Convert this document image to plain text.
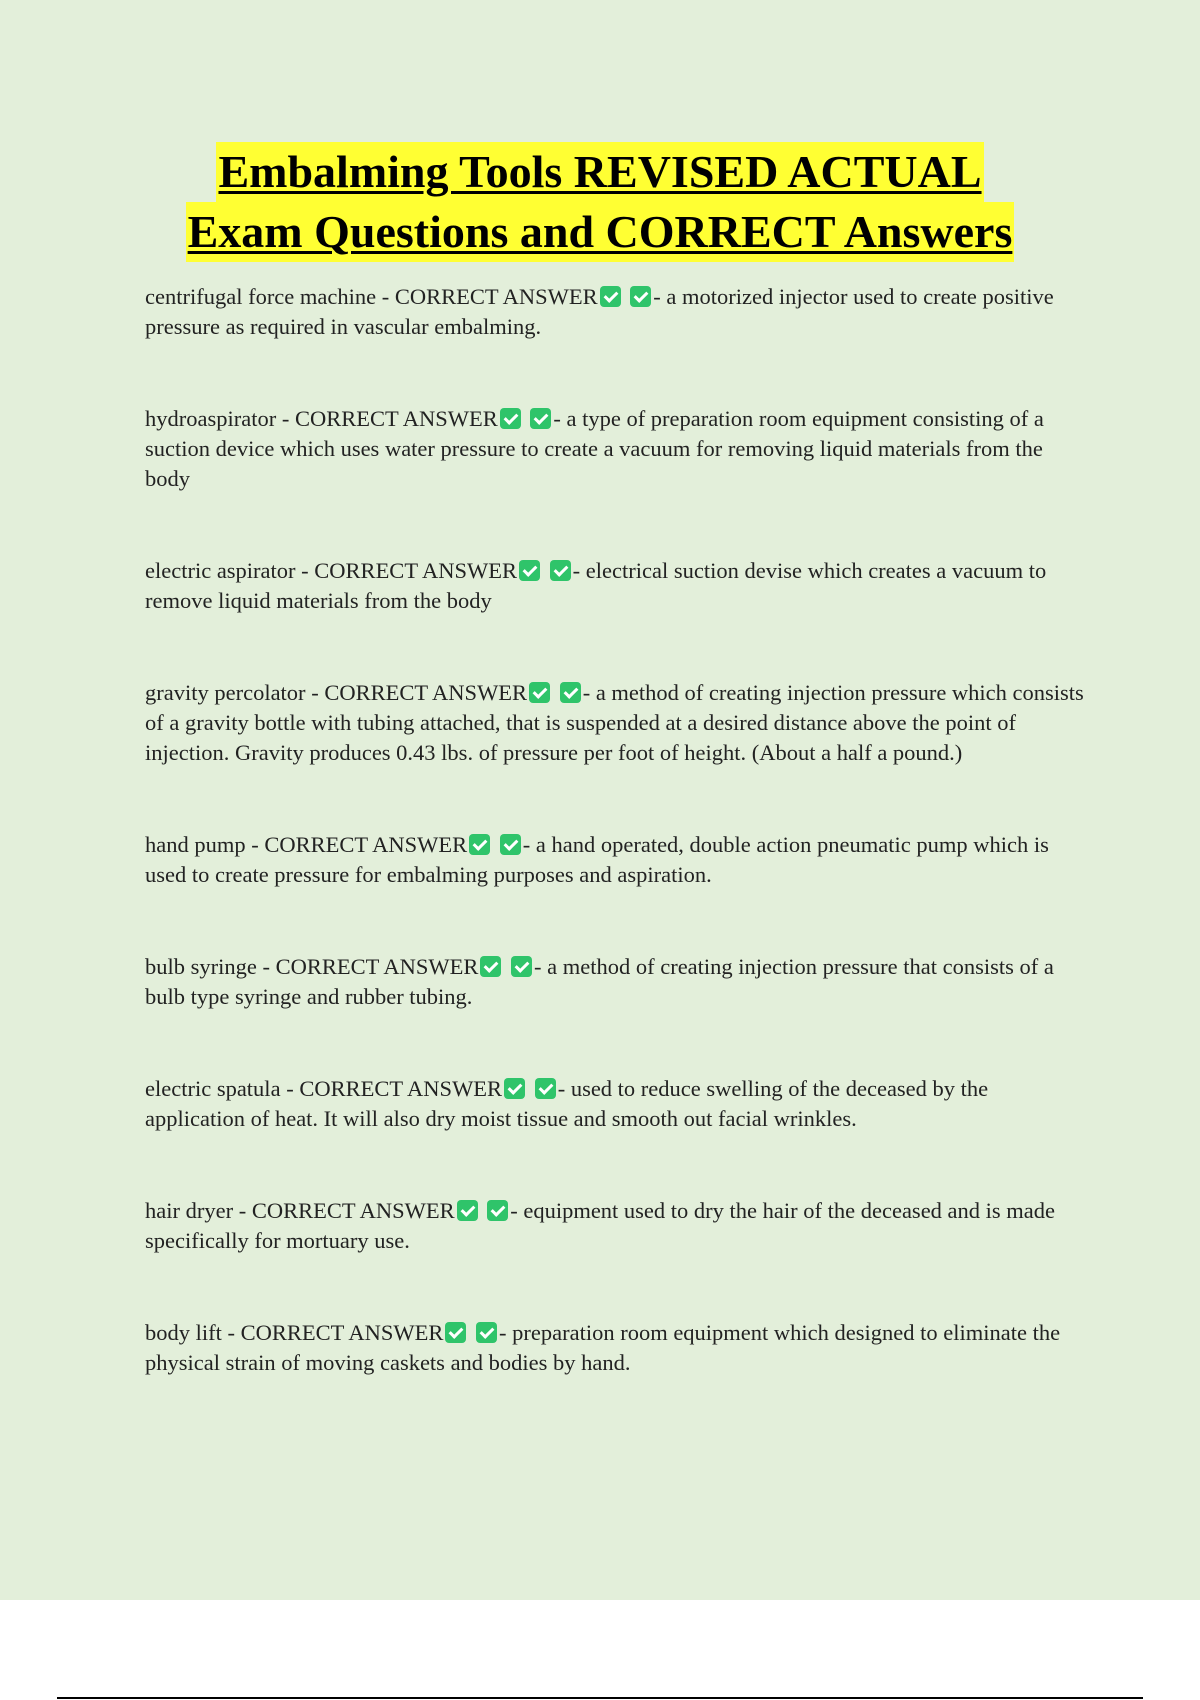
Embalming Tools REVISED ACTUAL
Exam Questions and CORRECT Answers

centrifugal force machine - CORRECT ANSWER - a motorized injector used to create positive pressure as required in vascular embalming.

hydroaspirator - CORRECT ANSWER - a type of preparation room equipment consisting of a suction device which uses water pressure to create a vacuum for removing liquid materials from the body

electric aspirator - CORRECT ANSWER - electrical suction devise which creates a vacuum to remove liquid materials from the body

gravity percolator - CORRECT ANSWER - a method of creating injection pressure which consists of a gravity bottle with tubing attached, that is suspended at a desired distance above the point of injection. Gravity produces 0.43 lbs. of pressure per foot of height. (About a half a pound.)

hand pump - CORRECT ANSWER - a hand operated, double action pneumatic pump which is used to create pressure for embalming purposes and aspiration.

bulb syringe - CORRECT ANSWER - a method of creating injection pressure that consists of a bulb type syringe and rubber tubing.

electric spatula - CORRECT ANSWER - used to reduce swelling of the deceased by the application of heat. It will also dry moist tissue and smooth out facial wrinkles.

hair dryer - CORRECT ANSWER - equipment used to dry the hair of the deceased and is made specifically for mortuary use.

body lift - CORRECT ANSWER - preparation room equipment which designed to eliminate the physical strain of moving caskets and bodies by hand.
